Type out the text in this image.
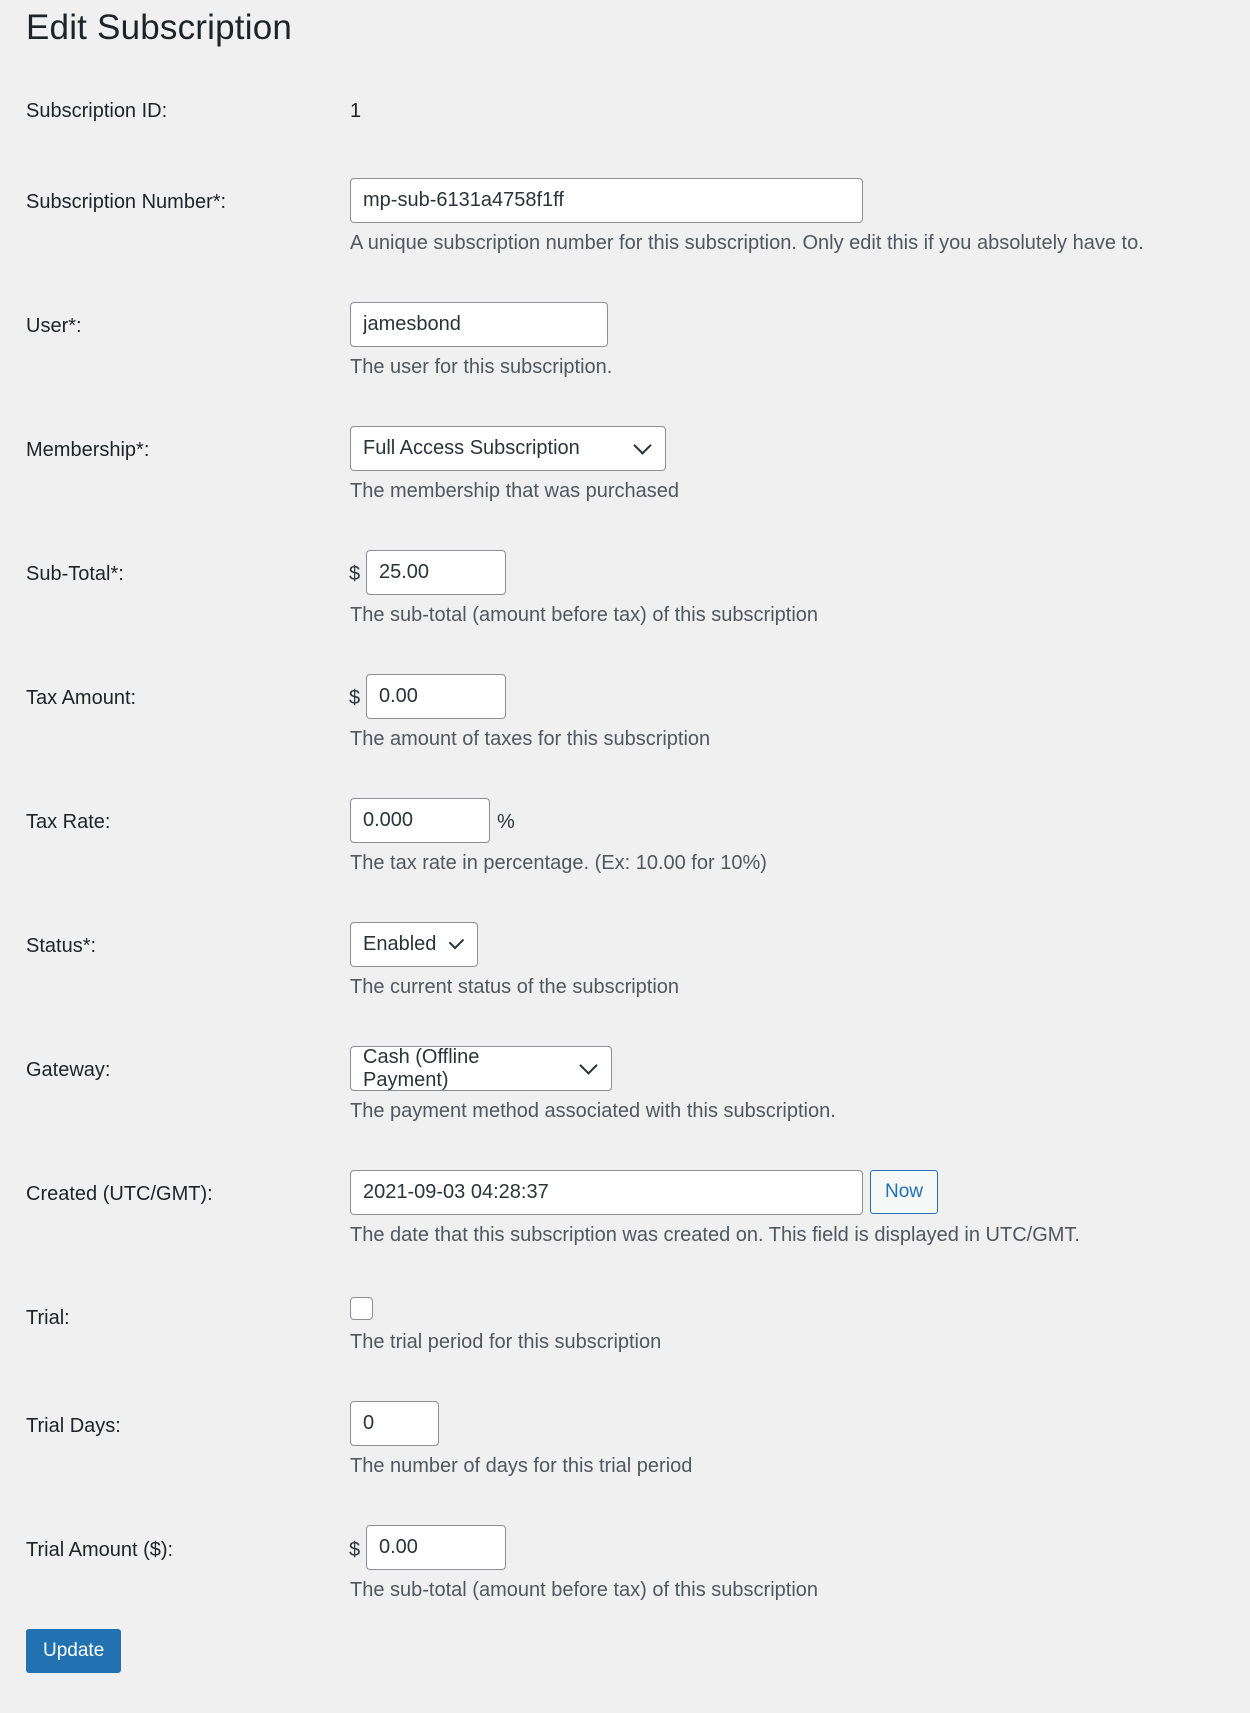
Edit Subscription
Subscription ID:	1
Subscription Number*:
mp-sub-6131a4758f1ff
A unique subscription number for this subscription. Only edit this if you absolutely have to.
User*:
jamesbond
The user for this subscription.
Membership*:	Full Access Subscription
The membership that was purchased
Sub-Total*:	$
25.00
The sub-total (amount before tax) of this subscription
Tax Amount:	$
0.00
The amount of taxes for this subscription
Tax Rate:
0.000	%
The tax rate in percentage. (Ex: 10.00 for 10%)
Status*:	Enabled
The current status of the subscription
Gateway:
Cash (Offline Payment)
The payment method associated with this subscription.
Created (UTC/GMT):
2021-09-03 04:28:37	Now
The date that this subscription was created on. This field is displayed in UTC/GMT.
Trial:
The trial period for this subscription
Trial Days:
0
The number of days for this trial period
Trial Amount ($):	$
0.00
The sub-total (amount before tax) of this subscription
Update
